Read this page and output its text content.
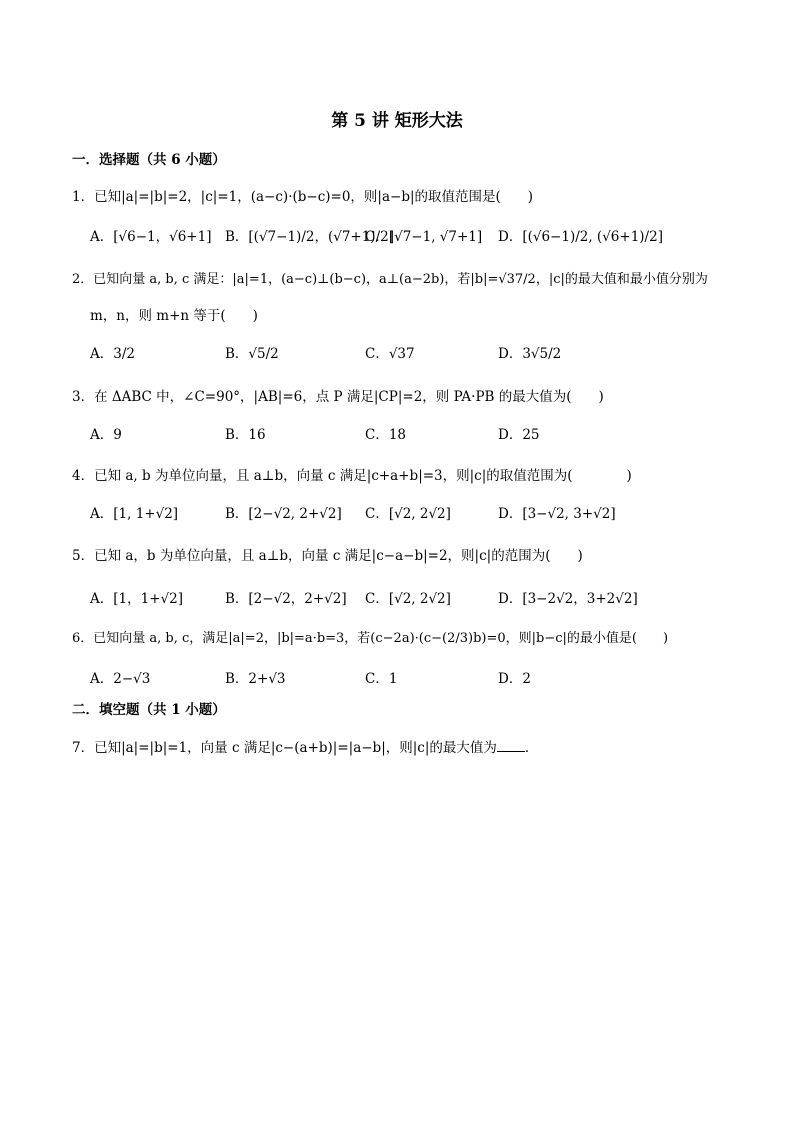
第 5 讲 矩形大法
一．选择题（共 6 小题）
1．已知|a|=|b|=2，|c|=1，(a−c)·(b−c)=0，则|a−b|的取值范围是(　　)
A．[√6−1，√6+1] B．[(√7−1)/2，(√7+1)/2]
C．[√7−1, √7+1] D．[(√6−1)/2, (√6+1)/2]
2．已知向量 a, b, c 满足：|a|=1，(a−c)⊥(b−c)，a⊥(a−2b)，若|b|=√37/2，|c|的最大值和最小值分别为
m，n，则 m+n 等于(　　)
A．3/2	B．√5/2	C．√37	D．3√5/2
3．在 ΔABC 中，∠C=90°，|AB|=6，点 P 满足|CP|=2，则 PA·PB 的最大值为(　　)
A．9	B．16	C．18	D．25
4．已知 a, b 为单位向量，且 a⊥b，向量 c 满足|c+a+b|=3，则|c|的取值范围为(　　　　)
A．[1, 1+√2]	B．[2−√2, 2+√2] C．[√2, 2√2]	D．[3−√2, 3+√2]
5．已知 a，b 为单位向量，且 a⊥b，向量 c 满足|c−a−b|=2，则|c|的范围为(　　)
A．[1，1+√2]	B．[2−√2，2+√2] C．[√2, 2√2]	D．[3−2√2，3+2√2]
6．已知向量 a, b, c，满足|a|=2，|b|=a·b=3，若(c−2a)·(c−(2/3)b)=0，则|b−c|的最小值是(　　)
A．2−√3	B．2+√3	C．1	D．2
二．填空题（共 1 小题）
7．已知|a|=|b|=1，向量 c 满足|c−(a+b)|=|a−b|，则|c|的最大值为 ．
